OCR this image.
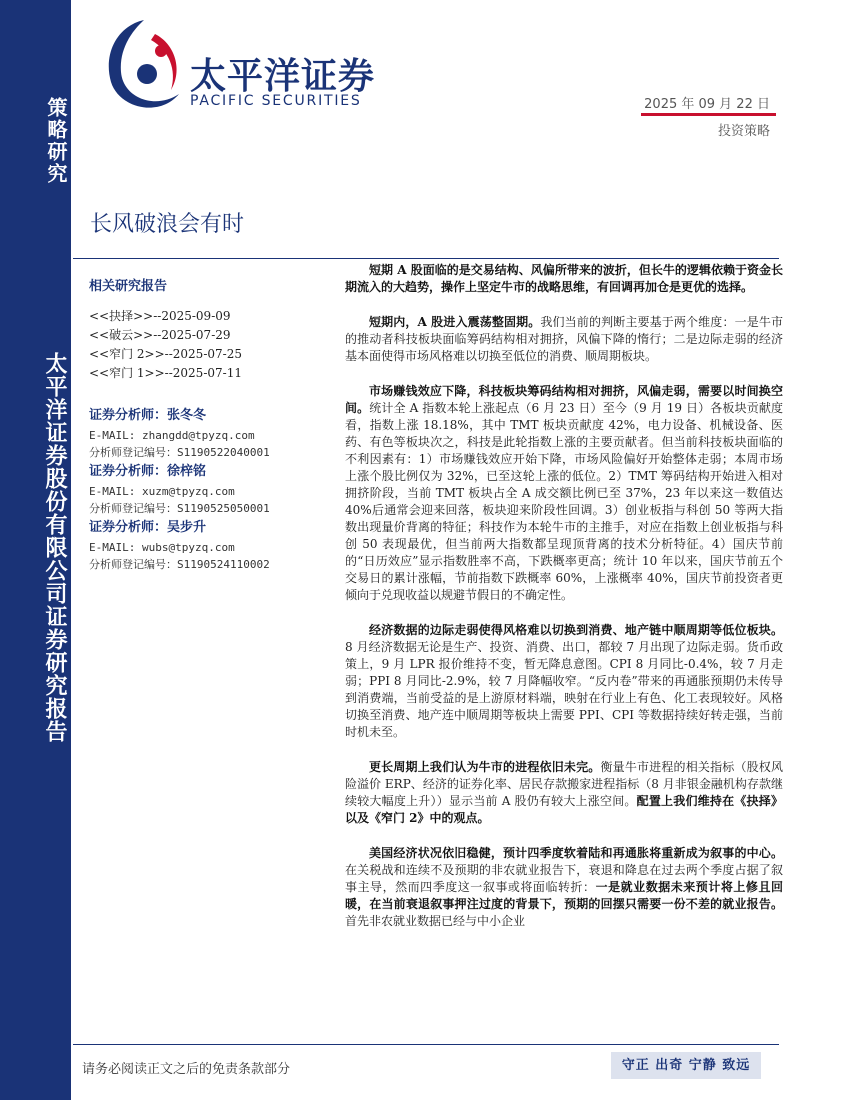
策略研究
太平洋证券股份有限公司证券研究报告
太平洋证券
PACIFIC SECURITIES	2025 年 09 月 22 日
投资策略
长风破浪会有时
相关研究报告
<<抉择>>--2025-09-09
<<破云>>--2025-07-29
<<窄门 2>>--2025-07-25
<<窄门 1>>--2025-07-11
证券分析师：张冬冬
E-MAIL: zhangdd@tpyzq.com
分析师登记编号：S1190522040001
证券分析师：徐梓铭
E-MAIL: xuzm@tpyzq.com
分析师登记编号：S1190525050001
证券分析师：吴步升
E-MAIL: wubs@tpyzq.com
分析师登记编号：S1190524110002

短期 A 股面临的是交易结构、风偏所带来的波折，但长牛的逻辑依赖于资金长期流入的大趋势，操作上坚定牛市的战略思维，有回调再加仓是更优的选择。

短期内，A 股进入震荡整固期。我们当前的判断主要基于两个维度：一是牛市的推动者科技板块面临筹码结构相对拥挤，风偏下降的惰行；二是边际走弱的经济基本面使得市场风格难以切换至低位的消费、顺周期板块。

市场赚钱效应下降，科技板块筹码结构相对拥挤，风偏走弱，需要以时间换空间。统计全 A 指数本轮上涨起点（6 月 23 日）至今（9 月 19 日）各板块贡献度看，指数上涨 18.18%，其中 TMT 板块贡献度 42%，电力设备、机械设备、医药、有色等板块次之，科技是此轮指数上涨的主要贡献者。但当前科技板块面临的不利因素有：1）市场赚钱效应开始下降，市场风险偏好开始整体走弱；本周市场上涨个股比例仅为 32%，已至这轮上涨的低位。2）TMT 筹码结构开始进入相对拥挤阶段，当前 TMT 板块占全 A 成交额比例已至 37%，23 年以来这一数值达 40%后通常会迎来回落，板块迎来阶段性回调。3）创业板指与科创 50 等两大指数出现量价背离的特征；科技作为本轮牛市的主推手，对应在指数上创业板指与科创 50 表现最优，但当前两大指数都呈现顶背离的技术分析特征。4）国庆节前的“日历效应”显示指数胜率不高，下跌概率更高；统计 10 年以来，国庆节前五个交易日的累计涨幅，节前指数下跌概率 60%，上涨概率 40%，国庆节前投资者更倾向于兑现收益以规避节假日的不确定性。

经济数据的边际走弱使得风格难以切换到消费、地产链中顺周期等低位板块。8 月经济数据无论是生产、投资、消费、出口，都较 7 月出现了边际走弱。货币政策上，9 月 LPR 报价维持不变，暂无降息意图。CPI 8 月同比-0.4%，较 7 月走弱；PPI 8 月同比-2.9%，较 7 月降幅收窄。“反内卷”带来的再通胀预期仍未传导到消费端，当前受益的是上游原材料端，映射在行业上有色、化工表现较好。风格切换至消费、地产连中顺周期等板块上需要 PPI、CPI 等数据持续好转走强，当前时机未至。

更长周期上我们认为牛市的进程依旧未完。衡量牛市进程的相关指标（股权风险溢价 ERP、经济的证券化率、居民存款搬家进程指标（8 月非银金融机构存款继续较大幅度上升））显示当前 A 股仍有较大上涨空间。配置上我们维持在《抉择》以及《窄门 2》中的观点。

美国经济状况依旧稳健，预计四季度软着陆和再通胀将重新成为叙事的中心。在关税战和连续不及预期的非农就业报告下，衰退和降息在过去两个季度占据了叙事主导，然而四季度这一叙事或将面临转折：一是就业数据未来预计将上修且回暖，在当前衰退叙事押注过度的背景下，预期的回摆只需要一份不差的就业报告。首先非农就业数据已经与中小企业

请务必阅读正文之后的免责条款部分	守正 出奇 宁静 致远
